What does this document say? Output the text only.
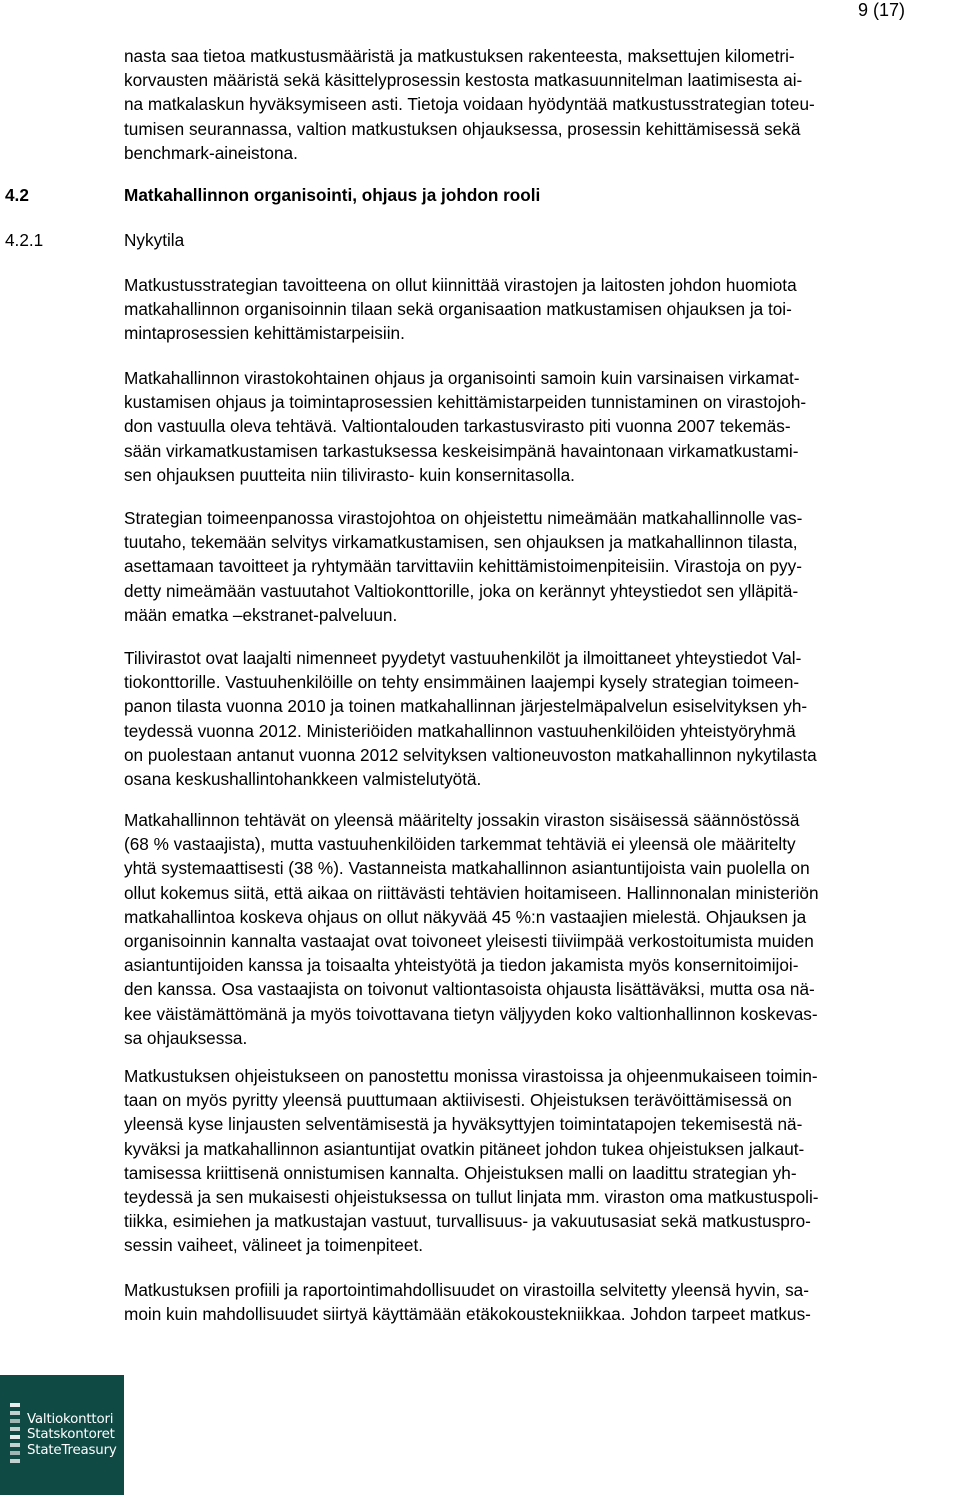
9 (17)

nasta saa tietoa matkustusmääristä ja matkustuksen rakenteesta, maksettujen kilometri-
korvausten määristä sekä käsittelyprosessin kestosta matkasuunnitelman laatimisesta ai-
na matkalaskun hyväksymiseen asti. Tietoja voidaan hyödyntää matkustusstrategian toteu-
tumisen seurannassa, valtion matkustuksen ohjauksessa, prosessin kehittämisessä sekä
benchmark-aineistona.

4.2	Matkahallinnon organisointi, ohjaus ja johdon rooli
4.2.1	Nykytila

Matkustusstrategian tavoitteena on ollut kiinnittää virastojen ja laitosten johdon huomiota
matkahallinnon organisoinnin tilaan sekä organisaation matkustamisen ohjauksen ja toi-
mintaprosessien kehittämistarpeisiin.

Matkahallinnon virastokohtainen ohjaus ja organisointi samoin kuin varsinaisen virkamat-
kustamisen ohjaus ja toimintaprosessien kehittämistarpeiden tunnistaminen on virastojoh-
don vastuulla oleva tehtävä. Valtiontalouden tarkastusvirasto piti vuonna 2007 tekemäs-
sään virkamatkustamisen tarkastuksessa keskeisimpänä havaintonaan virkamatkustami-
sen ohjauksen puutteita niin tilivirasto- kuin konsernitasolla.

Strategian toimeenpanossa virastojohtoa on ohjeistettu nimeämään matkahallinnolle vas-
tuutaho, tekemään selvitys virkamatkustamisen, sen ohjauksen ja matkahallinnon tilasta,
asettamaan tavoitteet ja ryhtymään tarvittaviin kehittämistoimenpiteisiin. Virastoja on pyy-
detty nimeämään vastuutahot Valtiokonttorille, joka on kerännyt yhteystiedot sen ylläpitä-
mään ematka –ekstranet-palveluun.

Tilivirastot ovat laajalti nimenneet pyydetyt vastuuhenkilöt ja ilmoittaneet yhteystiedot Val-
tiokonttorille. Vastuuhenkilöille on tehty ensimmäinen laajempi kysely strategian toimeen-
panon tilasta vuonna 2010 ja toinen matkahallinnan järjestelmäpalvelun esiselvityksen yh-
teydessä vuonna 2012. Ministeriöiden matkahallinnon vastuuhenkilöiden yhteistyöryhmä
on puolestaan antanut vuonna 2012 selvityksen valtioneuvoston matkahallinnon nykytilasta
osana keskushallintohankkeen valmistelutyötä.

Matkahallinnon tehtävät on yleensä määritelty jossakin viraston sisäisessä säännöstössä
(68 % vastaajista), mutta vastuuhenkilöiden tarkemmat tehtäviä ei yleensä ole määritelty
yhtä systemaattisesti (38 %). Vastanneista matkahallinnon asiantuntijoista vain puolella on
ollut kokemus siitä, että aikaa on riittävästi tehtävien hoitamiseen. Hallinnonalan ministeriön
matkahallintoa koskeva ohjaus on ollut näkyvää 45 %:n vastaajien mielestä. Ohjauksen ja
organisoinnin kannalta vastaajat ovat toivoneet yleisesti tiiviimpää verkostoitumista muiden
asiantuntijoiden kanssa ja toisaalta yhteistyötä ja tiedon jakamista myös konsernitoimijoi-
den kanssa. Osa vastaajista on toivonut valtiontasoista ohjausta lisättäväksi, mutta osa nä-
kee väistämättömänä ja myös toivottavana tietyn väljyyden koko valtionhallinnon koskevas-
sa ohjauksessa.

Matkustuksen ohjeistukseen on panostettu monissa virastoissa ja ohjeenmukaiseen toimin-
taan on myös pyritty yleensä puuttumaan aktiivisesti. Ohjeistuksen terävöittämisessä on
yleensä kyse linjausten selventämisestä ja hyväksyttyjen toimintatapojen tekemisestä nä-
kyväksi ja matkahallinnon asiantuntijat ovatkin pitäneet johdon tukea ohjeistuksen jalkaut-
tamisessa kriittisenä onnistumisen kannalta. Ohjeistuksen malli on laadittu strategian yh-
teydessä ja sen mukaisesti ohjeistuksessa on tullut linjata mm. viraston oma matkustuspoli-
tiikka, esimiehen ja matkustajan vastuut, turvallisuus- ja vakuutusasiat sekä matkustuspro-
sessin vaiheet, välineet ja toimenpiteet.

Matkustuksen profiili ja raportointimahdollisuudet on virastoilla selvitetty yleensä hyvin, sa-
moin kuin mahdollisuudet siirtyä käyttämään etäkokoustekniikkaa. Johdon tarpeet matkus-

Valtiokonttori
Statskontoret
StateTreasury
